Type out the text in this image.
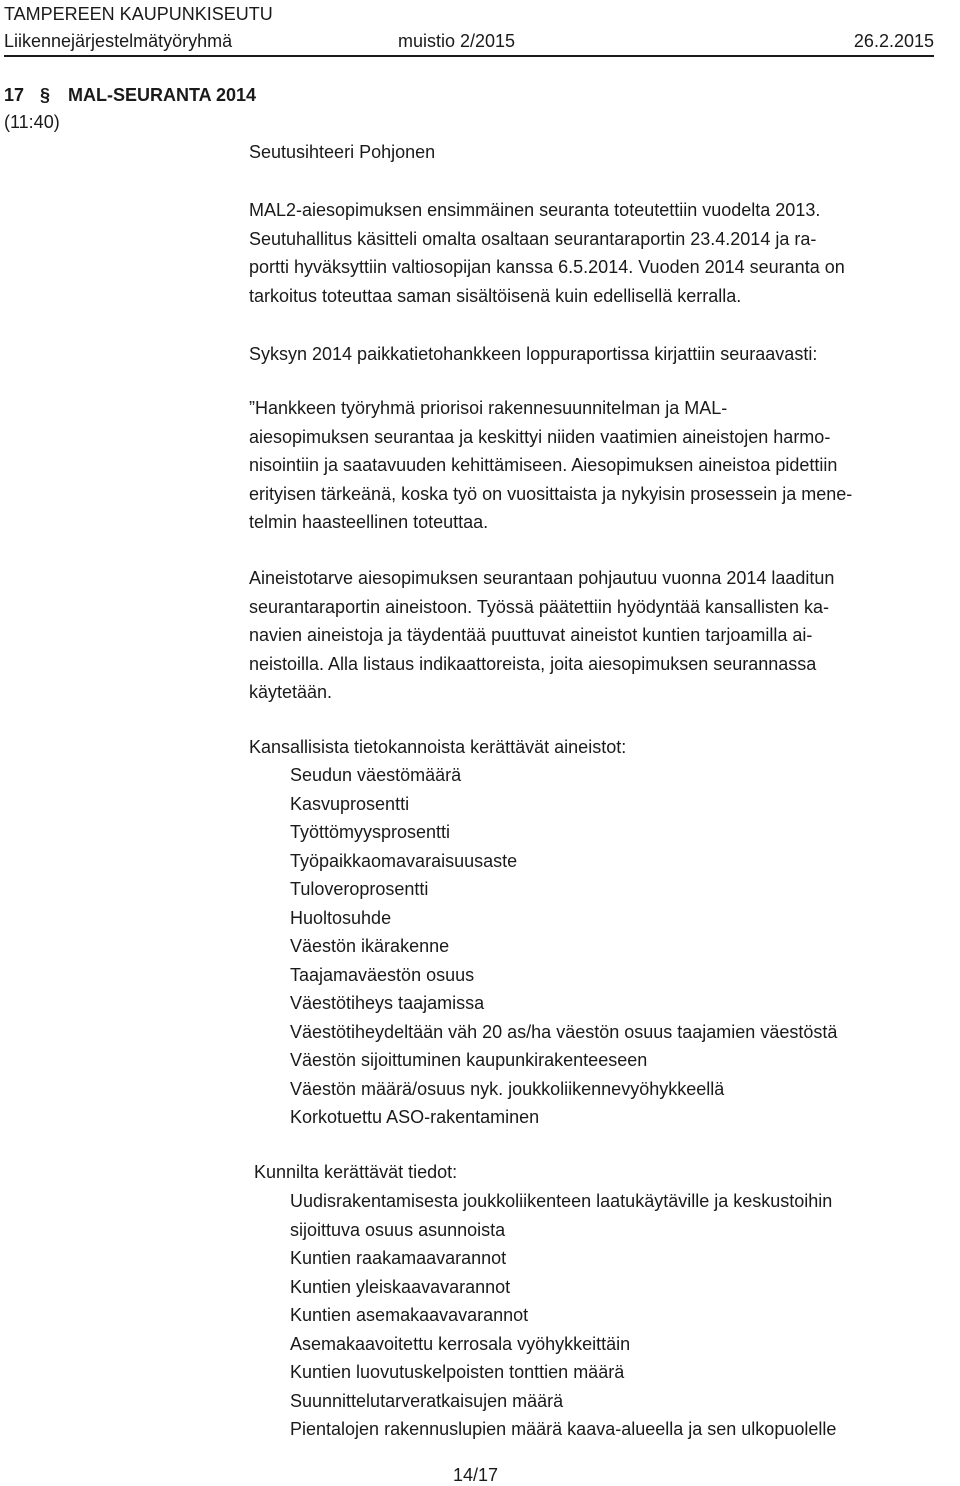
TAMPEREEN KAUPUNKISEUTU
Liikennejärjestelmätyöryhmä	muistio 2/2015	26.2.2015
17 § MAL-SEURANTA 2014
(11:40)
Seutusihteeri Pohjonen
MAL2-aiesopimuksen ensimmäinen seuranta toteutettiin vuodelta 2013.
Seutuhallitus käsitteli omalta osaltaan seurantaraportin 23.4.2014 ja ra-
portti hyväksyttiin valtiosopijan kanssa 6.5.2014. Vuoden 2014 seuranta on
tarkoitus toteuttaa saman sisältöisenä kuin edellisellä kerralla.
Syksyn 2014 paikkatietohankkeen loppuraportissa kirjattiin seuraavasti:
”Hankkeen työryhmä priorisoi rakennesuunnitelman ja MAL-
aiesopimuksen seurantaa ja keskittyi niiden vaatimien aineistojen harmo-
nisointiin ja saatavuuden kehittämiseen. Aiesopimuksen aineistoa pidettiin
erityisen tärkeänä, koska työ on vuosittaista ja nykyisin prosessein ja mene-
telmin haasteellinen toteuttaa.
Aineistotarve aiesopimuksen seurantaan pohjautuu vuonna 2014 laaditun
seurantaraportin aineistoon. Työssä päätettiin hyödyntää kansallisten ka-
navien aineistoja ja täydentää puuttuvat aineistot kuntien tarjoamilla ai-
neistoilla. Alla listaus indikaattoreista, joita aiesopimuksen seurannassa
käytetään.
Kansallisista tietokannoista kerättävät aineistot:
Seudun väestömäärä
Kasvuprosentti
Työttömyysprosentti
Työpaikkaomavaraisuusaste
Tuloveroprosentti
Huoltosuhde
Väestön ikärakenne
Taajamaväestön osuus
Väestötiheys taajamissa
Väestötiheydeltään väh 20 as/ha väestön osuus taajamien väestöstä
Väestön sijoittuminen kaupunkirakenteeseen
Väestön määrä/osuus nyk. joukkoliikennevyöhykkeellä
Korkotuettu ASO-rakentaminen
Kunnilta kerättävät tiedot:
Uudisrakentamisesta joukkoliikenteen laatukäytäville ja keskustoihin
sijoittuva osuus asunnoista
Kuntien raakamaavarannot
Kuntien yleiskaavavarannot
Kuntien asemakaavavarannot
Asemakaavoitettu kerrosala vyöhykkeittäin
Kuntien luovutuskelpoisten tonttien määrä
Suunnittelutarveratkaisujen määrä
Pientalojen rakennuslupien määrä kaava-alueella ja sen ulkopuolelle
14/17
